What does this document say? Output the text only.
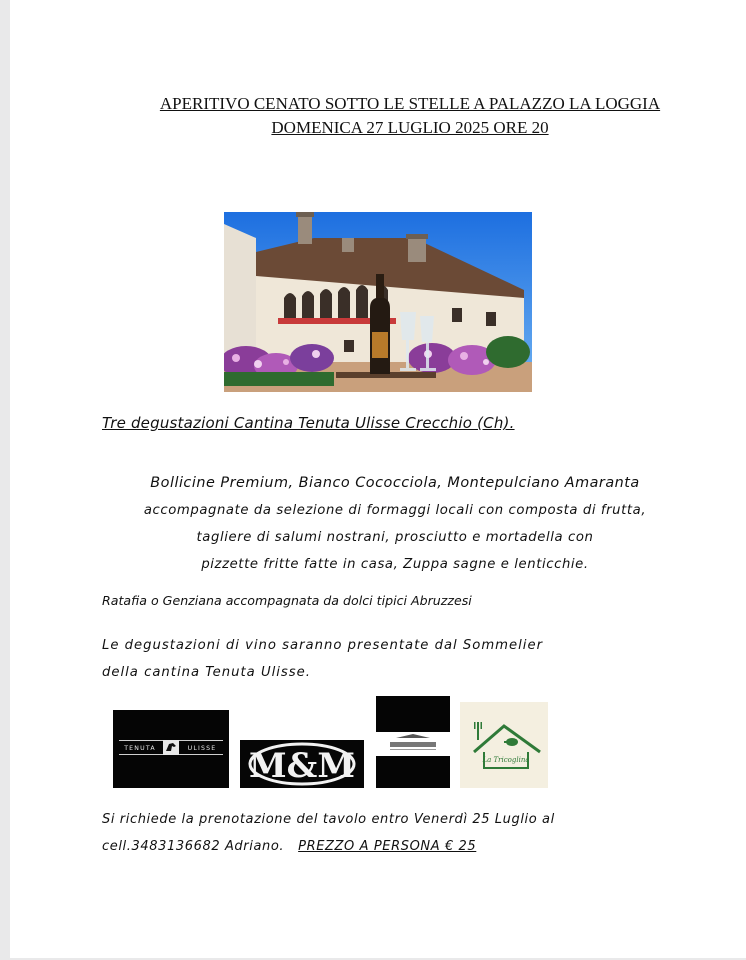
APERITIVO CENATO SOTTO LE STELLE A PALAZZO LA LOGGIA
DOMENICA 27 LUGLIO 2025 ORE 20
Tre degustazioni Cantina Tenuta Ulisse Crecchio (Ch).
Bollicine Premium, Bianco Cococciola, Montepulciano Amaranta
accompagnate da selezione di formaggi locali con composta di frutta,
tagliere di salumi nostrani, prosciutto e mortadella con
pizzette fritte fatte in casa, Zuppa sagne e lenticchie.
Ratafia o Genziana accompagnata da dolci tipici Abruzzesi
Le degustazioni di vino saranno presentate dal Sommelier
della cantina Tenuta Ulisse.
TENUTA	ULISSE M&M	La Tricoglina
Si richiede la prenotazione del tavolo entro Venerdì 25 Luglio al
cell.3483136682 Adriano. PREZZO A PERSONA € 25
